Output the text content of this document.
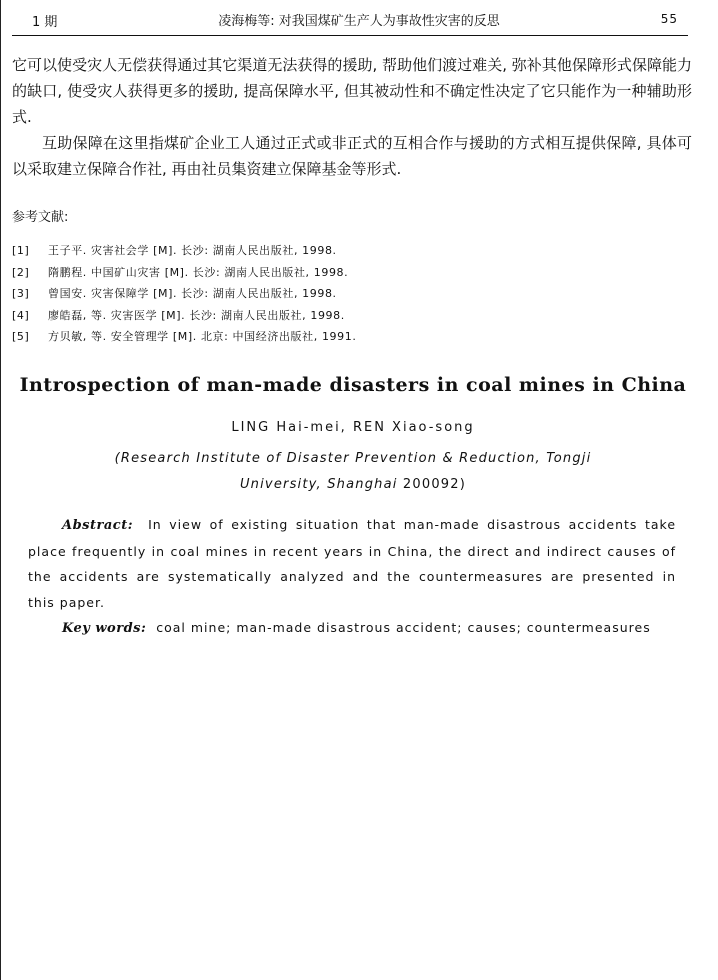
1 期	凌海梅等: 对我国煤矿生产人为事故性灾害的反思	55

它可以使受灾人无偿获得通过其它渠道无法获得的援助, 帮助他们渡过难关, 弥补其他保障形式保障能力的缺口, 使受灾人获得更多的援助, 提高保障水平, 但其被动性和不确定性决定了它只能作为一种辅助形式.

互助保障在这里指煤矿企业工人通过正式或非正式的互相合作与援助的方式相互提供保障, 具体可以采取建立保障合作社, 再由社员集资建立保障基金等形式.

参考文献:
[1] 王子平. 灾害社会学 [M]. 长沙: 湖南人民出版社, 1998.
[2] 隋鹏程. 中国矿山灾害 [M]. 长沙: 湖南人民出版社, 1998.
[3] 曾国安. 灾害保障学 [M]. 长沙: 湖南人民出版社, 1998.
[4] 廖皓磊, 等. 灾害医学 [M]. 长沙: 湖南人民出版社, 1998.
[5] 方贝敏, 等. 安全管理学 [M]. 北京: 中国经济出版社, 1991.
Introspection of man-made disasters in coal mines in China
LING Hai-mei, REN Xiao-song
(Research Institute of Disaster Prevention & Reduction, Tongji
University, Shanghai 200092)

Abstract: In view of existing situation that man-made disastrous accidents take place frequently in coal mines in recent years in China, the direct and indirect causes of the accidents are systematically analyzed and the countermeasures are presented in this paper.

Key words: coal mine; man-made disastrous accident; causes; countermeasures
